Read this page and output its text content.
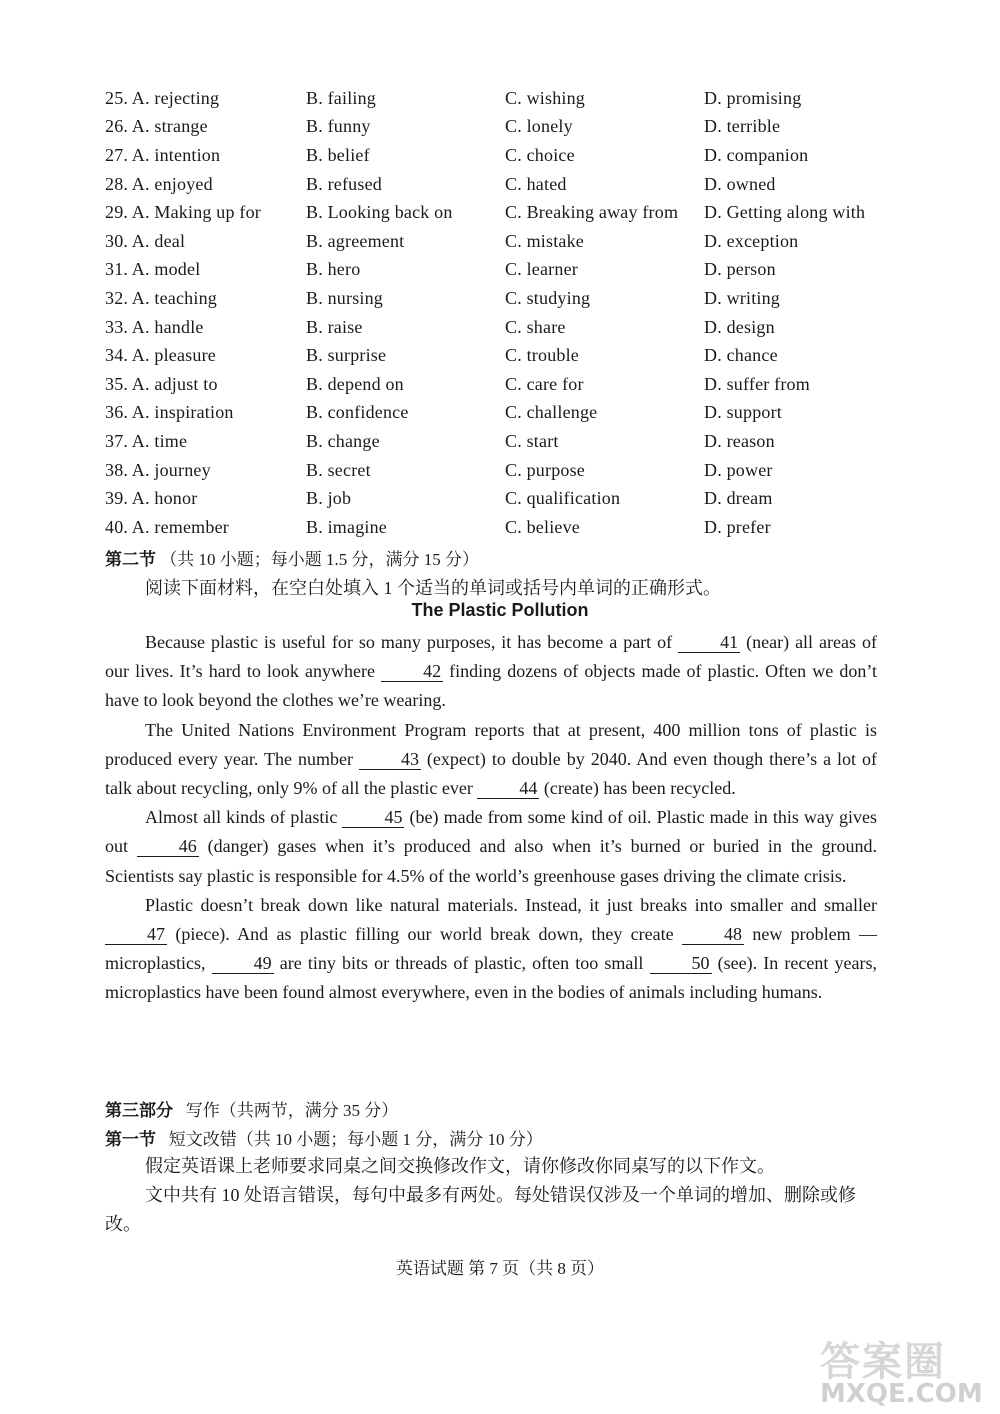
25. A. rejecting	B. failing	C. wishing	D. promising
26. A. strange	B. funny	C. lonely	D. terrible
27. A. intention	B. belief	C. choice	D. companion
28. A. enjoyed	B. refused	C. hated	D. owned
29. A. Making up for	B. Looking back on	C. Breaking away from	D. Getting along with
30. A. deal	B. agreement	C. mistake	D. exception
31. A. model	B. hero	C. learner	D. person
32. A. teaching	B. nursing	C. studying	D. writing
33. A. handle	B. raise	C. share	D. design
34. A. pleasure	B. surprise	C. trouble	D. chance
35. A. adjust to	B. depend on	C. care for	D. suffer from
36. A. inspiration	B. confidence	C. challenge	D. support
37. A. time	B. change	C. start	D. reason
38. A. journey	B. secret	C. purpose	D. power
39. A. honor	B. job	C. qualification	D. dream
40. A. remember	B. imagine	C. believe	D. prefer
第二节 （共 10 小题；每小题 1.5 分，满分 15 分）
阅读下面材料，在空白处填入 1 个适当的单词或括号内单词的正确形式。
The Plastic Pollution

Because plastic is useful for so many purposes, it has become a part of 41 (near) all areas of our lives. It’s hard to look anywhere 42 finding dozens of objects made of plastic. Often we don’t have to look beyond the clothes we’re wearing.

The United Nations Environment Program reports that at present, 400 million tons of plastic is produced every year. The number 43 (expect) to double by 2040. And even though there’s a lot of talk about recycling, only 9% of all the plastic ever 44 (create) has been recycled.

Almost all kinds of plastic 45 (be) made from some kind of oil. Plastic made in this way gives out 46 (danger) gases when it’s produced and also when it’s burned or buried in the ground. Scientists say plastic is responsible for 4.5% of the world’s greenhouse gases driving the climate crisis.

Plastic doesn’t break down like natural materials. Instead, it just breaks into smaller and smaller 47 (piece). And as plastic filling our world break down, they create 48 new problem — microplastics, 49 are tiny bits or threads of plastic, often too small 50 (see). In recent years, microplastics have been found almost everywhere, even in the bodies of animals including humans.

第三部分 写作（共两节，满分 35 分）
第一节 短文改错（共 10 小题；每小题 1 分，满分 10 分）
假定英语课上老师要求同桌之间交换修改作文，请你修改你同桌写的以下作文。
文中共有 10 处语言错误，每句中最多有两处。每处错误仅涉及一个单词的增加、删除或修改。
英语试题 第 7 页（共 8 页）
答案圈
MXQE.COM
